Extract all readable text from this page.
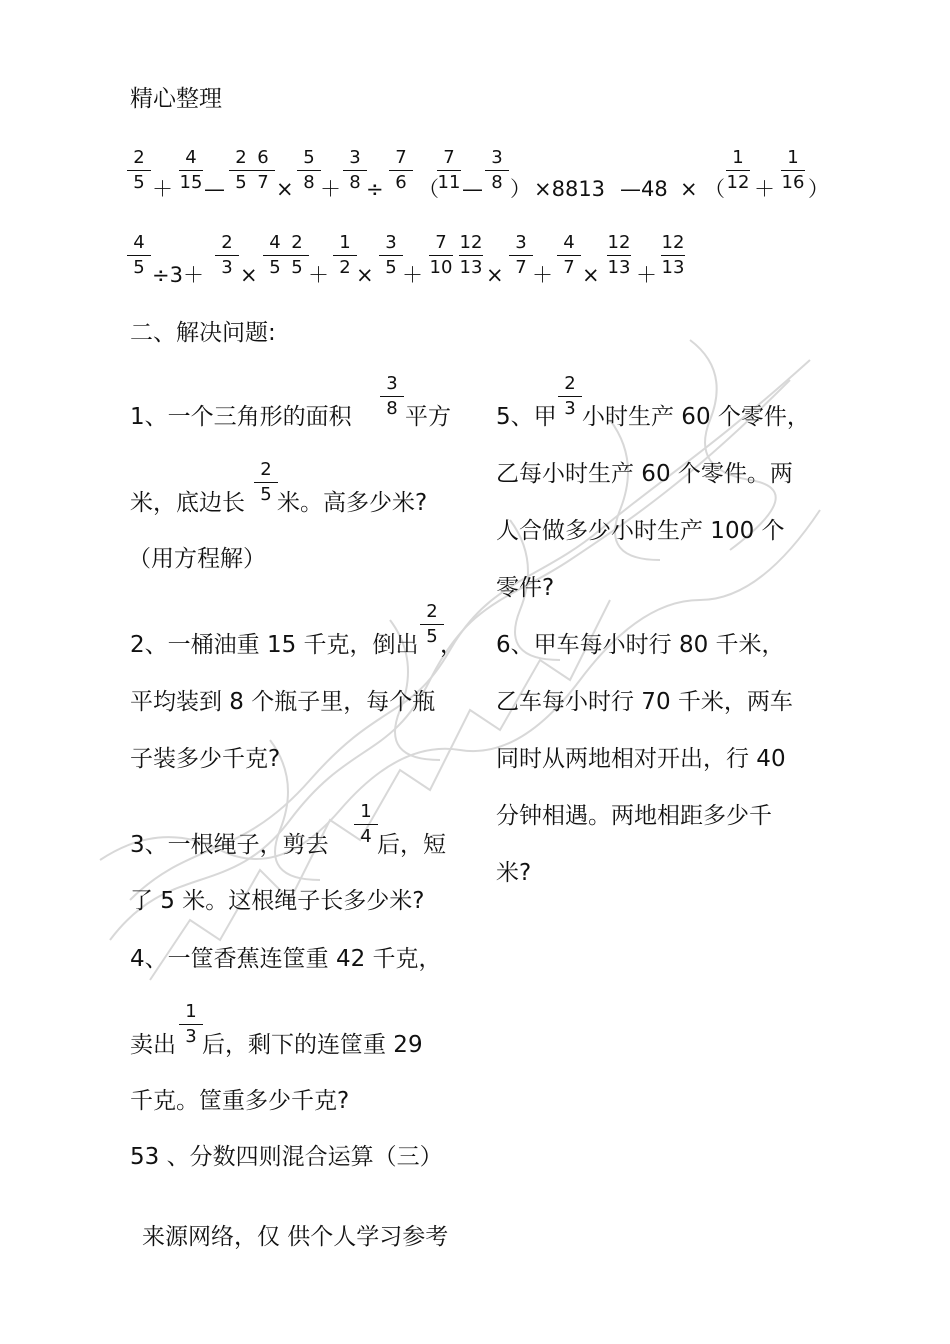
精心整理
2
5 ＋
4
15 —
2
5
6
7 ×
5
8 ＋
3
8 ÷
7
6 （
7
11 —
3
8 ） ×8813 —48 × （
1
12 ＋
1
16 ）
4
5 ÷3＋
2
3 ×
4
5
2
5 ＋
1
2 ×
3
5 ＋
7
10
12
13 ×
3
7 ＋
4
7 ×
12
13 ＋
12
13
二、解决问题:
1、一个三角形的面积
3
8 平方
米，底边长
2
5 米。高多少米?
（用方程解）
2、一桶油重 15 千克，倒出
2
5 ，
平均装到 8 个瓶子里，每个瓶
子装多少千克?
3、一根绳子，剪去
1
4 后，短
了 5 米。这根绳子长多少米?
4、一筐香蕉连筐重 42 千克，
卖出
1
3 后，剩下的连筐重 29
千克。筐重多少千克?
5、甲
2
3 小时生产 60 个零件，
乙每小时生产 60 个零件。两
人合做多少小时生产 100 个
零件?
6、甲车每小时行 80 千米，
乙车每小时行 70 千米，两车
同时从两地相对开出，行 40
分钟相遇。两地相距多少千
米?
53 、分数四则混合运算（三）
来源网络，仅 供个人学习参考
